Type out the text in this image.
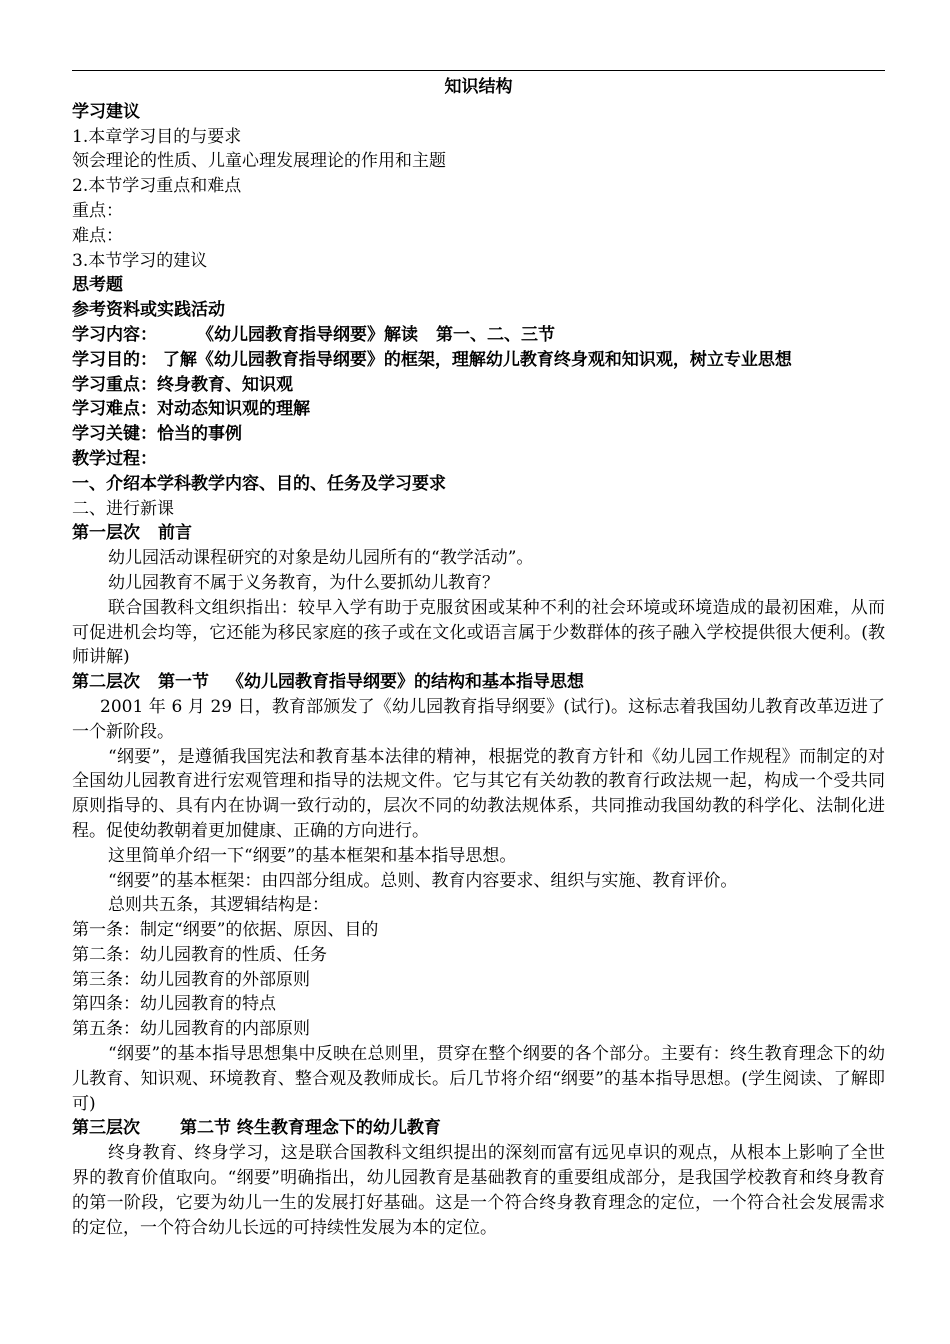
知识结构
学习建议
1.本章学习目的与要求
领会理论的性质、儿童心理发展理论的作用和主题
2.本节学习重点和难点
重点：
难点：
3.本节学习的建议
思考题
参考资料或实践活动
学习内容： 《幼儿园教育指导纲要》解读 第一、二、三节
学习目的： 了解《幼儿园教育指导纲要》的框架，理解幼儿教育终身观和知识观，树立专业思想
学习重点：终身教育、知识观
学习难点：对动态知识观的理解
学习关键：恰当的事例
教学过程：
一、介绍本学科教学内容、目的、任务及学习要求
二、进行新课
第一层次 前言
幼儿园活动课程研究的对象是幼儿园所有的“教学活动”。
幼儿园教育不属于义务教育，为什么要抓幼儿教育？
联合国教科文组织指出：较早入学有助于克服贫困或某种不利的社会环境或环境造成的最初困难，从而可促进机会均等，它还能为移民家庭的孩子或在文化或语言属于少数群体的孩子融入学校提供很大便利。(教师讲解)
第二层次 第一节 《幼儿园教育指导纲要》的结构和基本指导思想
2001 年 6 月 29 日，教育部颁发了《幼儿园教育指导纲要》(试行)。这标志着我国幼儿教育改革迈进了一个新阶段。
“纲要”，是遵循我国宪法和教育基本法律的精神，根据党的教育方针和《幼儿园工作规程》而制定的对全国幼儿园教育进行宏观管理和指导的法规文件。它与其它有关幼教的教育行政法规一起，构成一个受共同原则指导的、具有内在协调一致行动的，层次不同的幼教法规体系，共同推动我国幼教的科学化、法制化进程。促使幼教朝着更加健康、正确的方向进行。
这里简单介绍一下“纲要”的基本框架和基本指导思想。
“纲要”的基本框架：由四部分组成。总则、教育内容要求、组织与实施、教育评价。
总则共五条，其逻辑结构是：
第一条：制定“纲要”的依据、原因、目的
第二条：幼儿园教育的性质、任务
第三条：幼儿园教育的外部原则
第四条：幼儿园教育的特点
第五条：幼儿园教育的内部原则
“纲要”的基本指导思想集中反映在总则里，贯穿在整个纲要的各个部分。主要有：终生教育理念下的幼儿教育、知识观、环境教育、整合观及教师成长。后几节将介绍“纲要”的基本指导思想。(学生阅读、了解即可)
第三层次 第二节 终生教育理念下的幼儿教育
终身教育、终身学习，这是联合国教科文组织提出的深刻而富有远见卓识的观点，从根本上影响了全世界的教育价值取向。“纲要”明确指出，幼儿园教育是基础教育的重要组成部分，是我国学校教育和终身教育的第一阶段，它要为幼儿一生的发展打好基础。这是一个符合终身教育理念的定位，一个符合社会发展需求的定位，一个符合幼儿长远的可持续性发展为本的定位。
